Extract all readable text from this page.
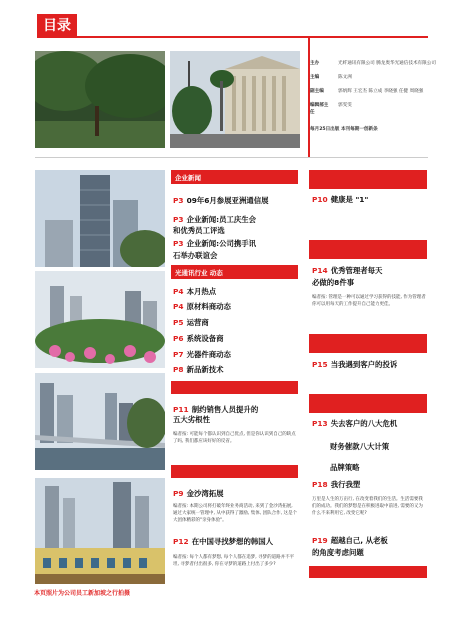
目录
主办	光纤通讯有限公司 腾龙奥华光通信技术有限公司
主编	陈文洲
副主编	郭炳辉 王宏杰 陈立成 李晓强 任健 周晓强
编辑部主任
郭雯雯
每月25日出版 本刊每期一创新条
企业新闻
P3 09年6月参展亚洲通信展
P3 企业新闻:员工庆生会
和优秀员工评选
P3 企业新闻:公司携手讯
石举办联谊会
光通讯行业 动态
P4 本月热点
P4 原材料商动态
P5 运营商
P6 系统设备商
P7 光器件商动态
P8 新品新技术
P11 制约销售人员提升的
五大劣根性
编者按: 可能每个都认识到自己优点, 但是你认识到自己的缺点了吗, 我们都应该好好的反省。
P9 金沙湾拓展
编者按: 本期公司将打破年终业务商活动, 来到了金沙湾拓展, 通过大家统一管理中, 从中获得了激励, 集体, 团队合作, 这是个大团体精彩的"亲身体验"。
P12 在中国寻找梦想的韩国人
编者按: 每个人都有梦想, 每个人都在追梦, 寻梦的道路并不平坦, 寻梦者付出很多, 你在寻梦的道路上付出了多少?
P10 健康是 "1"
P14 优秀管理者每天
必做的8件事
编者按: 管理是一种可以通过学习获得的技能, 作为管理者你可以用每天的工作提升自己能力更佳。
P15 当我遇到客户的投诉
P13 失去客户的八大危机
财务催款八大计策
品牌策略
P18 我行我塑
万里是人生的万亩行, 在改变着我们的生活。生活需要我们的成功。我们的梦想是在积极进取中前进, 需要的又为什么不来利用它, 改变它呢?
P19 超越自己, 从老板
的角度考虑问题
本页照片为公司员工新加坡之行拍摄
